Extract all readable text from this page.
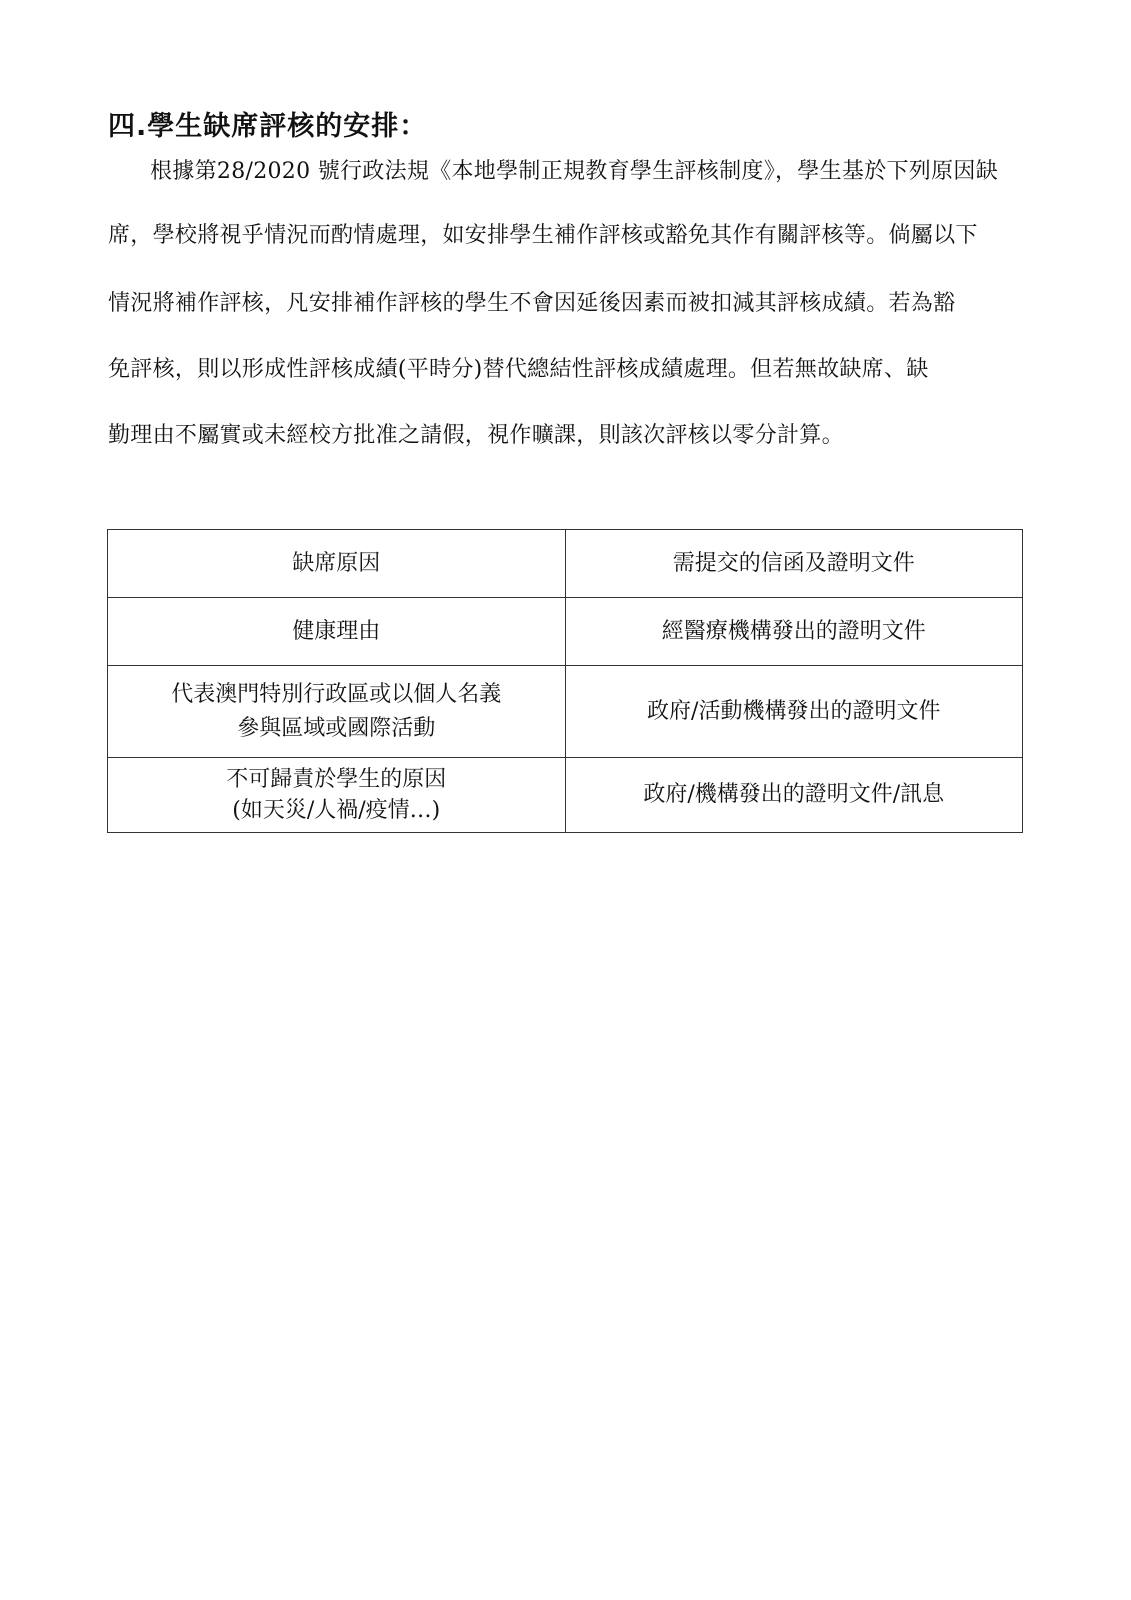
四.學生缺席評核的安排：
根據第28/2020 號行政法規《本地學制正規教育學生評核制度》，學生基於下列原因缺
席，學校將視乎情況而酌情處理，如安排學生補作評核或豁免其作有關評核等。倘屬以下
情況將補作評核，凡安排補作評核的學生不會因延後因素而被扣減其評核成績。若為豁
免評核，則以形成性評核成績(平時分)替代總結性評核成績處理。但若無故缺席、缺
勤理由不屬實或未經校方批准之請假，視作曠課，則該次評核以零分計算。
缺席原因	需提交的信函及證明文件

健康理由	經醫療機構發出的證明文件

代表澳門特別行政區或以個人名義
參與區域或國際活動	政府/活動機構發出的證明文件

不可歸責於學生的原因
(如天災/人禍/疫情…)	政府/機構發出的證明文件/訊息
